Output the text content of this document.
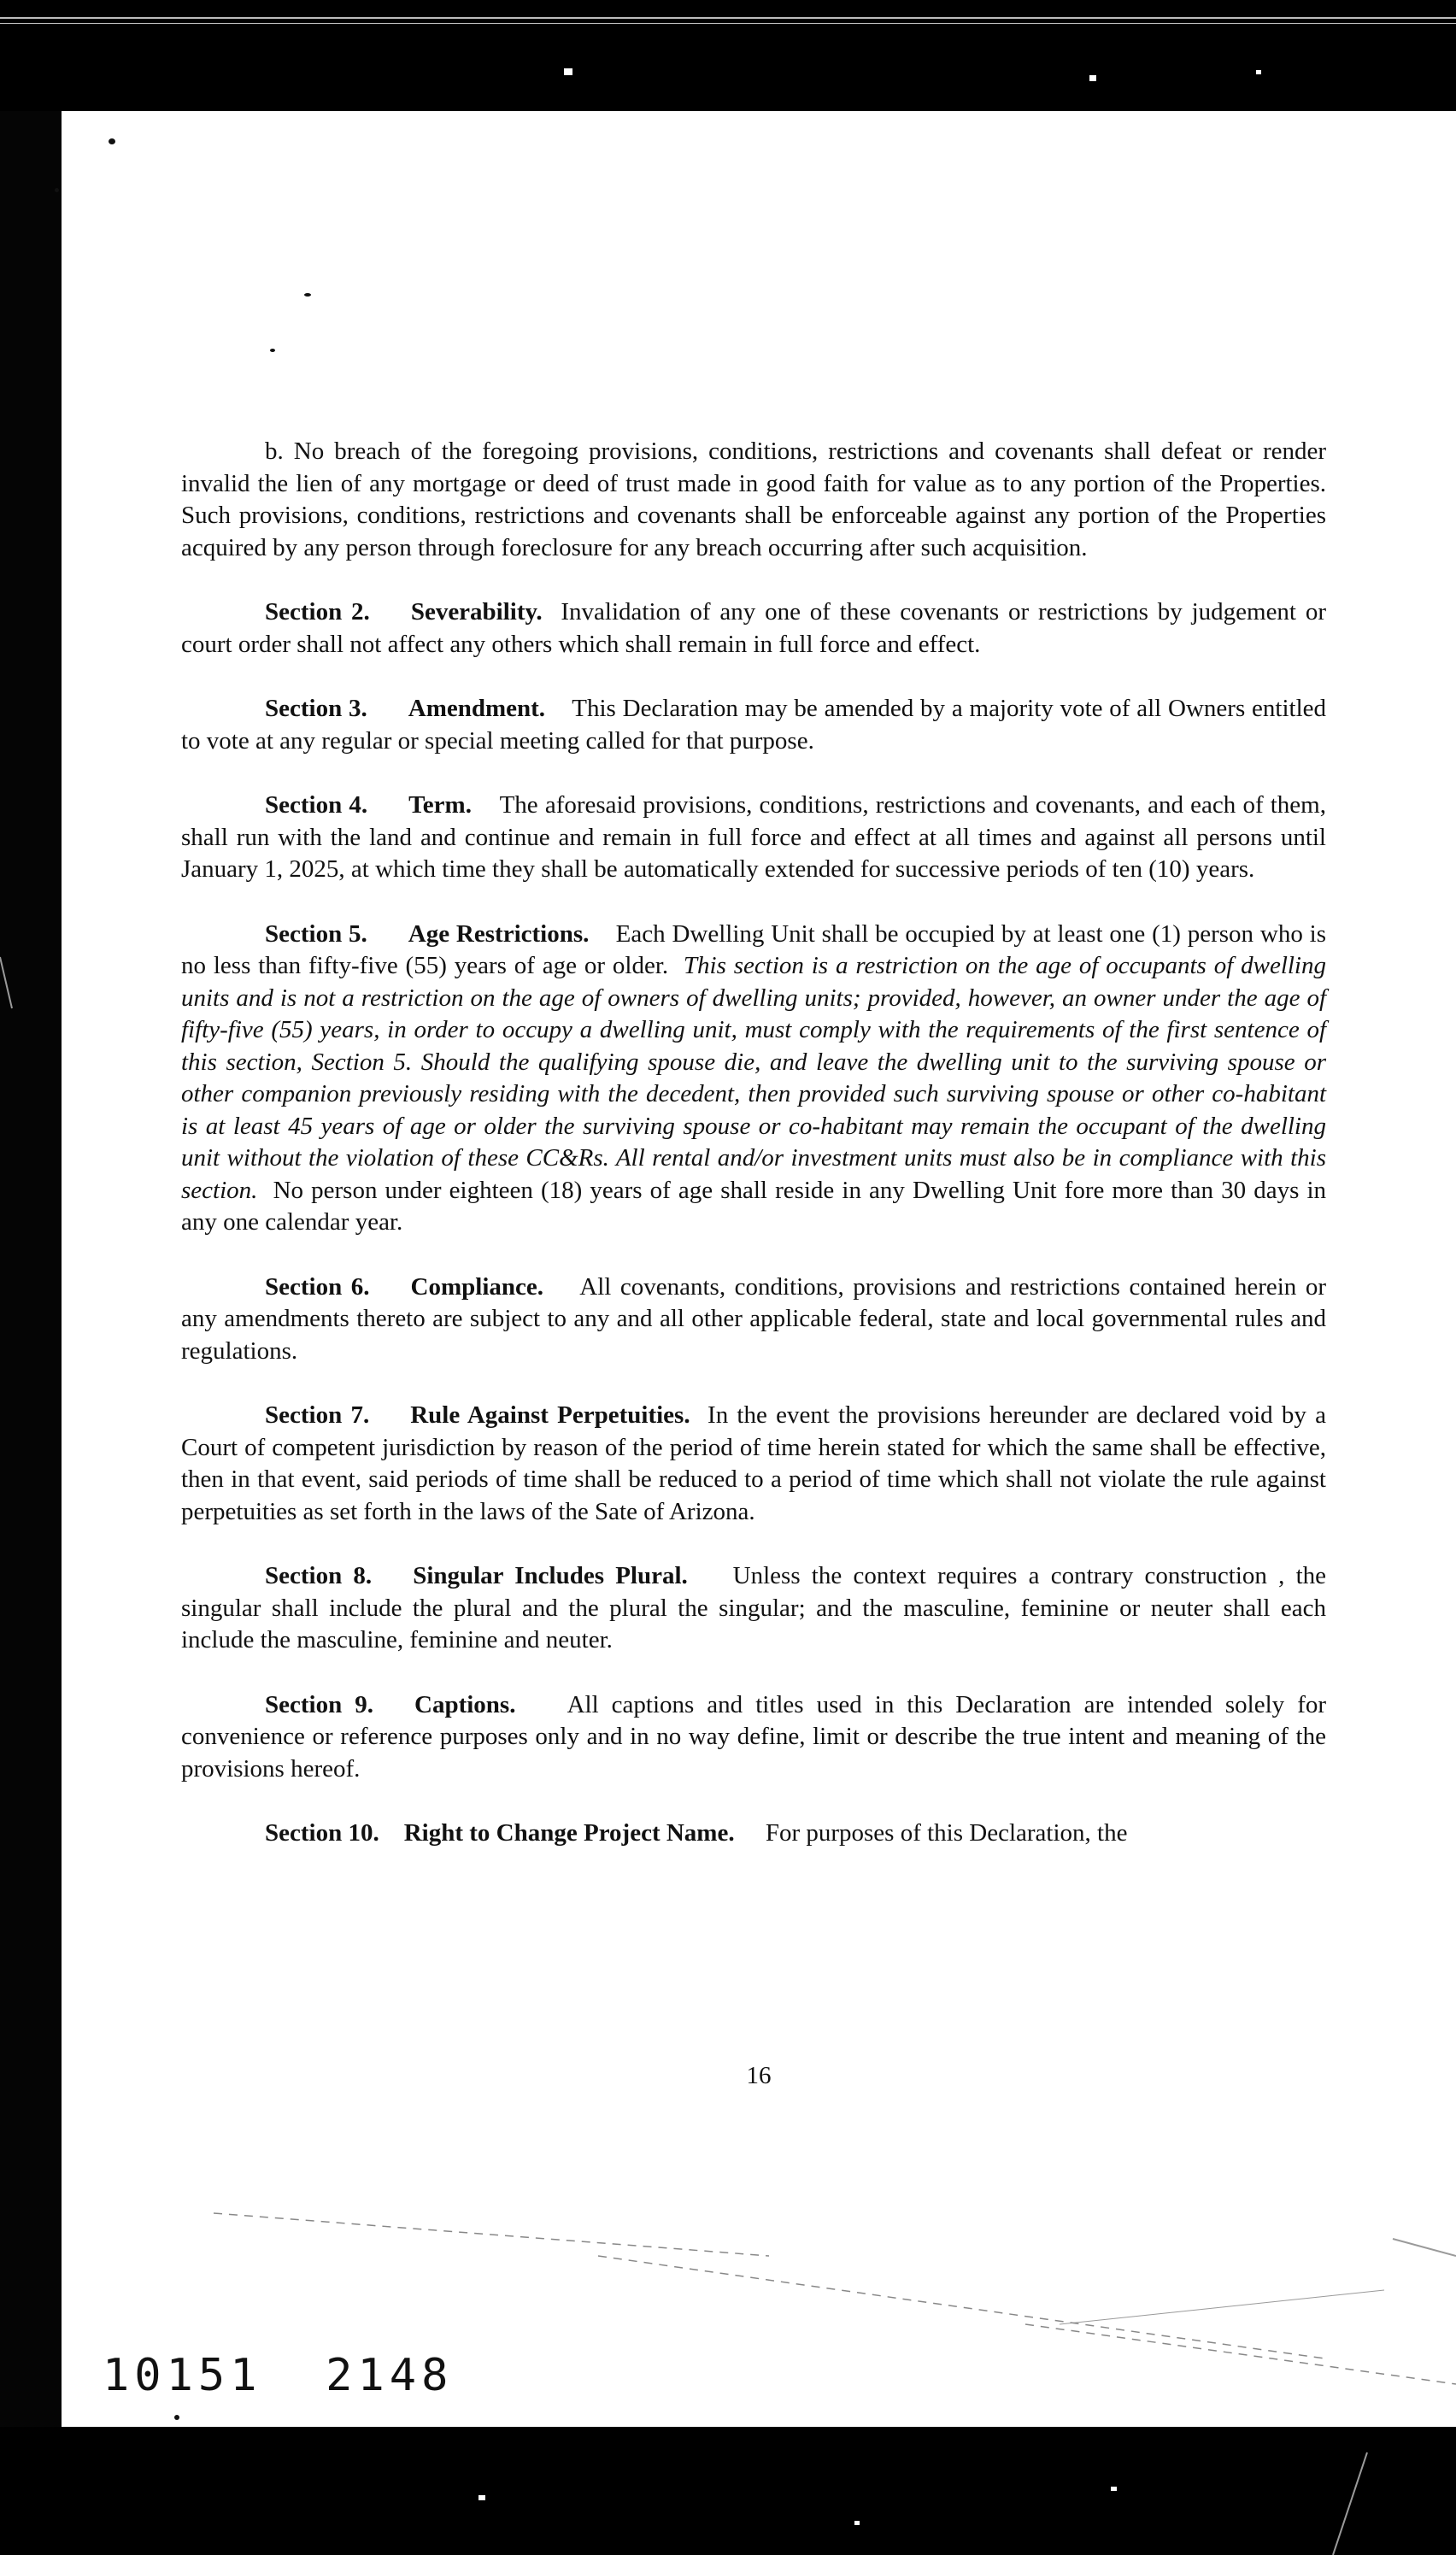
b. No breach of the foregoing provisions, conditions, restrictions and covenants shall defeat or render invalid the lien of any mortgage or deed of trust made in good faith for value as to any portion of the Properties. Such provisions, conditions, restrictions and covenants shall be enforceable against any portion of the Properties acquired by any person through foreclosure for any breach occurring after such acquisition.

Section 2. Severability. Invalidation of any one of these covenants or restrictions by judgement or court order shall not affect any others which shall remain in full force and effect.

Section 3. Amendment. This Declaration may be amended by a majority vote of all Owners entitled to vote at any regular or special meeting called for that purpose.

Section 4. Term. The aforesaid provisions, conditions, restrictions and covenants, and each of them, shall run with the land and continue and remain in full force and effect at all times and against all persons until January 1, 2025, at which time they shall be automatically extended for successive periods of ten (10) years.

Section 5. Age Restrictions. Each Dwelling Unit shall be occupied by at least one (1) person who is no less than fifty-five (55) years of age or older. This section is a restriction on the age of occupants of dwelling units and is not a restriction on the age of owners of dwelling units; provided, however, an owner under the age of fifty-five (55) years, in order to occupy a dwelling unit, must comply with the requirements of the first sentence of this section, Section 5. Should the qualifying spouse die, and leave the dwelling unit to the surviving spouse or other companion previously residing with the decedent, then provided such surviving spouse or other co-habitant is at least 45 years of age or older the surviving spouse or co-habitant may remain the occupant of the dwelling unit without the violation of these CC&Rs. All rental and/or investment units must also be in compliance with this section. No person under eighteen (18) years of age shall reside in any Dwelling Unit fore more than 30 days in any one calendar year.

Section 6. Compliance. All covenants, conditions, provisions and restrictions contained herein or any amendments thereto are subject to any and all other applicable federal, state and local governmental rules and regulations.

Section 7. Rule Against Perpetuities. In the event the provisions hereunder are declared void by a Court of competent jurisdiction by reason of the period of time herein stated for which the same shall be effective, then in that event, said periods of time shall be reduced to a period of time which shall not violate the rule against perpetuities as set forth in the laws of the Sate of Arizona.

Section 8. Singular Includes Plural. Unless the context requires a contrary construction , the singular shall include the plural and the plural the singular; and the masculine, feminine or neuter shall each include the masculine, feminine and neuter.

Section 9. Captions. All captions and titles used in this Declaration are intended solely for convenience or reference purposes only and in no way define, limit or describe the true intent and meaning of the provisions hereof.

Section 10. Right to Change Project Name. For purposes of this Declaration, the

16
10151  2148
